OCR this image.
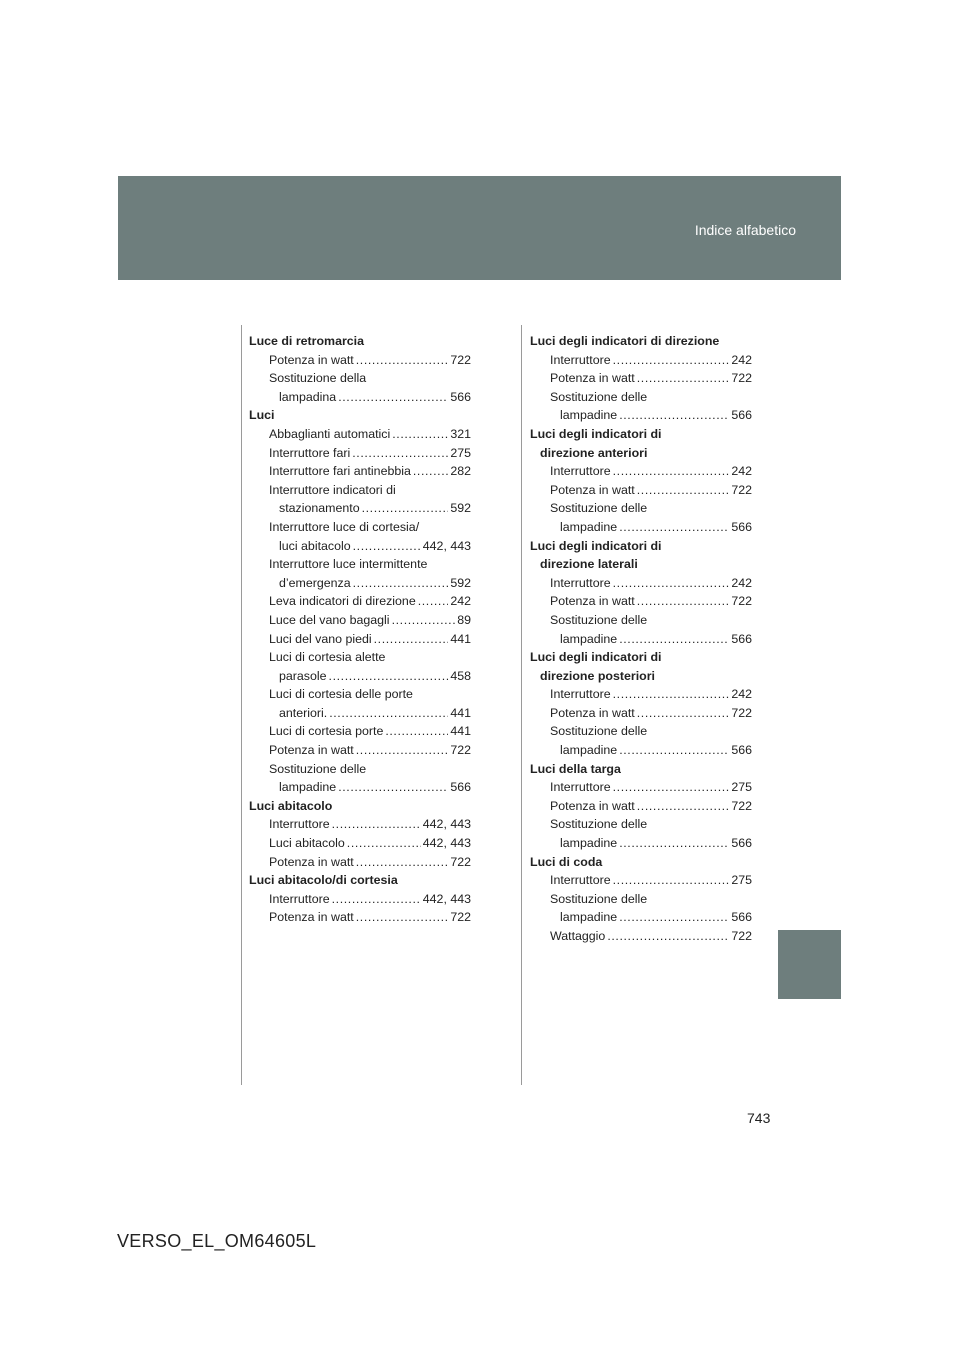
Indice alfabetico
Luce di retromarcia
Potenza in watt .....	722
Sostituzione della
lampadina .....	566
Luci
Abbaglianti automatici .....	321
Interruttore fari .....	275
Interruttore fari antinebbia .....	282
Interruttore indicatori di
stazionamento .....	592
Interruttore luce di cortesia/
luci abitacolo .....	442, 443
Interruttore luce intermittente
d’emergenza .....	592
Leva indicatori di direzione .....	242
Luce del vano bagagli .....	89
Luci del vano piedi .....	441
Luci di cortesia alette
parasole .....	458
Luci di cortesia delle porte
anteriori. .....	441
Luci di cortesia porte .....	441
Potenza in watt .....	722
Sostituzione delle
lampadine .....	566
Luci abitacolo
Interruttore .....	442, 443
Luci abitacolo .....	442, 443
Potenza in watt .....	722
Luci abitacolo/di cortesia
Interruttore .....	442, 443
Potenza in watt .....	722
Luci degli indicatori di direzione
Interruttore .....	242
Potenza in watt .....	722
Sostituzione delle
lampadine .....	566
Luci degli indicatori di
direzione anteriori
Interruttore .....	242
Potenza in watt .....	722
Sostituzione delle
lampadine .....	566
Luci degli indicatori di
direzione laterali
Interruttore .....	242
Potenza in watt .....	722
Sostituzione delle
lampadine .....	566
Luci degli indicatori di
direzione posteriori
Interruttore .....	242
Potenza in watt .....	722
Sostituzione delle
lampadine .....	566
Luci della targa
Interruttore .....	275
Potenza in watt .....	722
Sostituzione delle
lampadine .....	566
Luci di coda
Interruttore .....	275
Sostituzione delle
lampadine .....	566
Wattaggio .....	722
743
VERSO_EL_OM64605L
